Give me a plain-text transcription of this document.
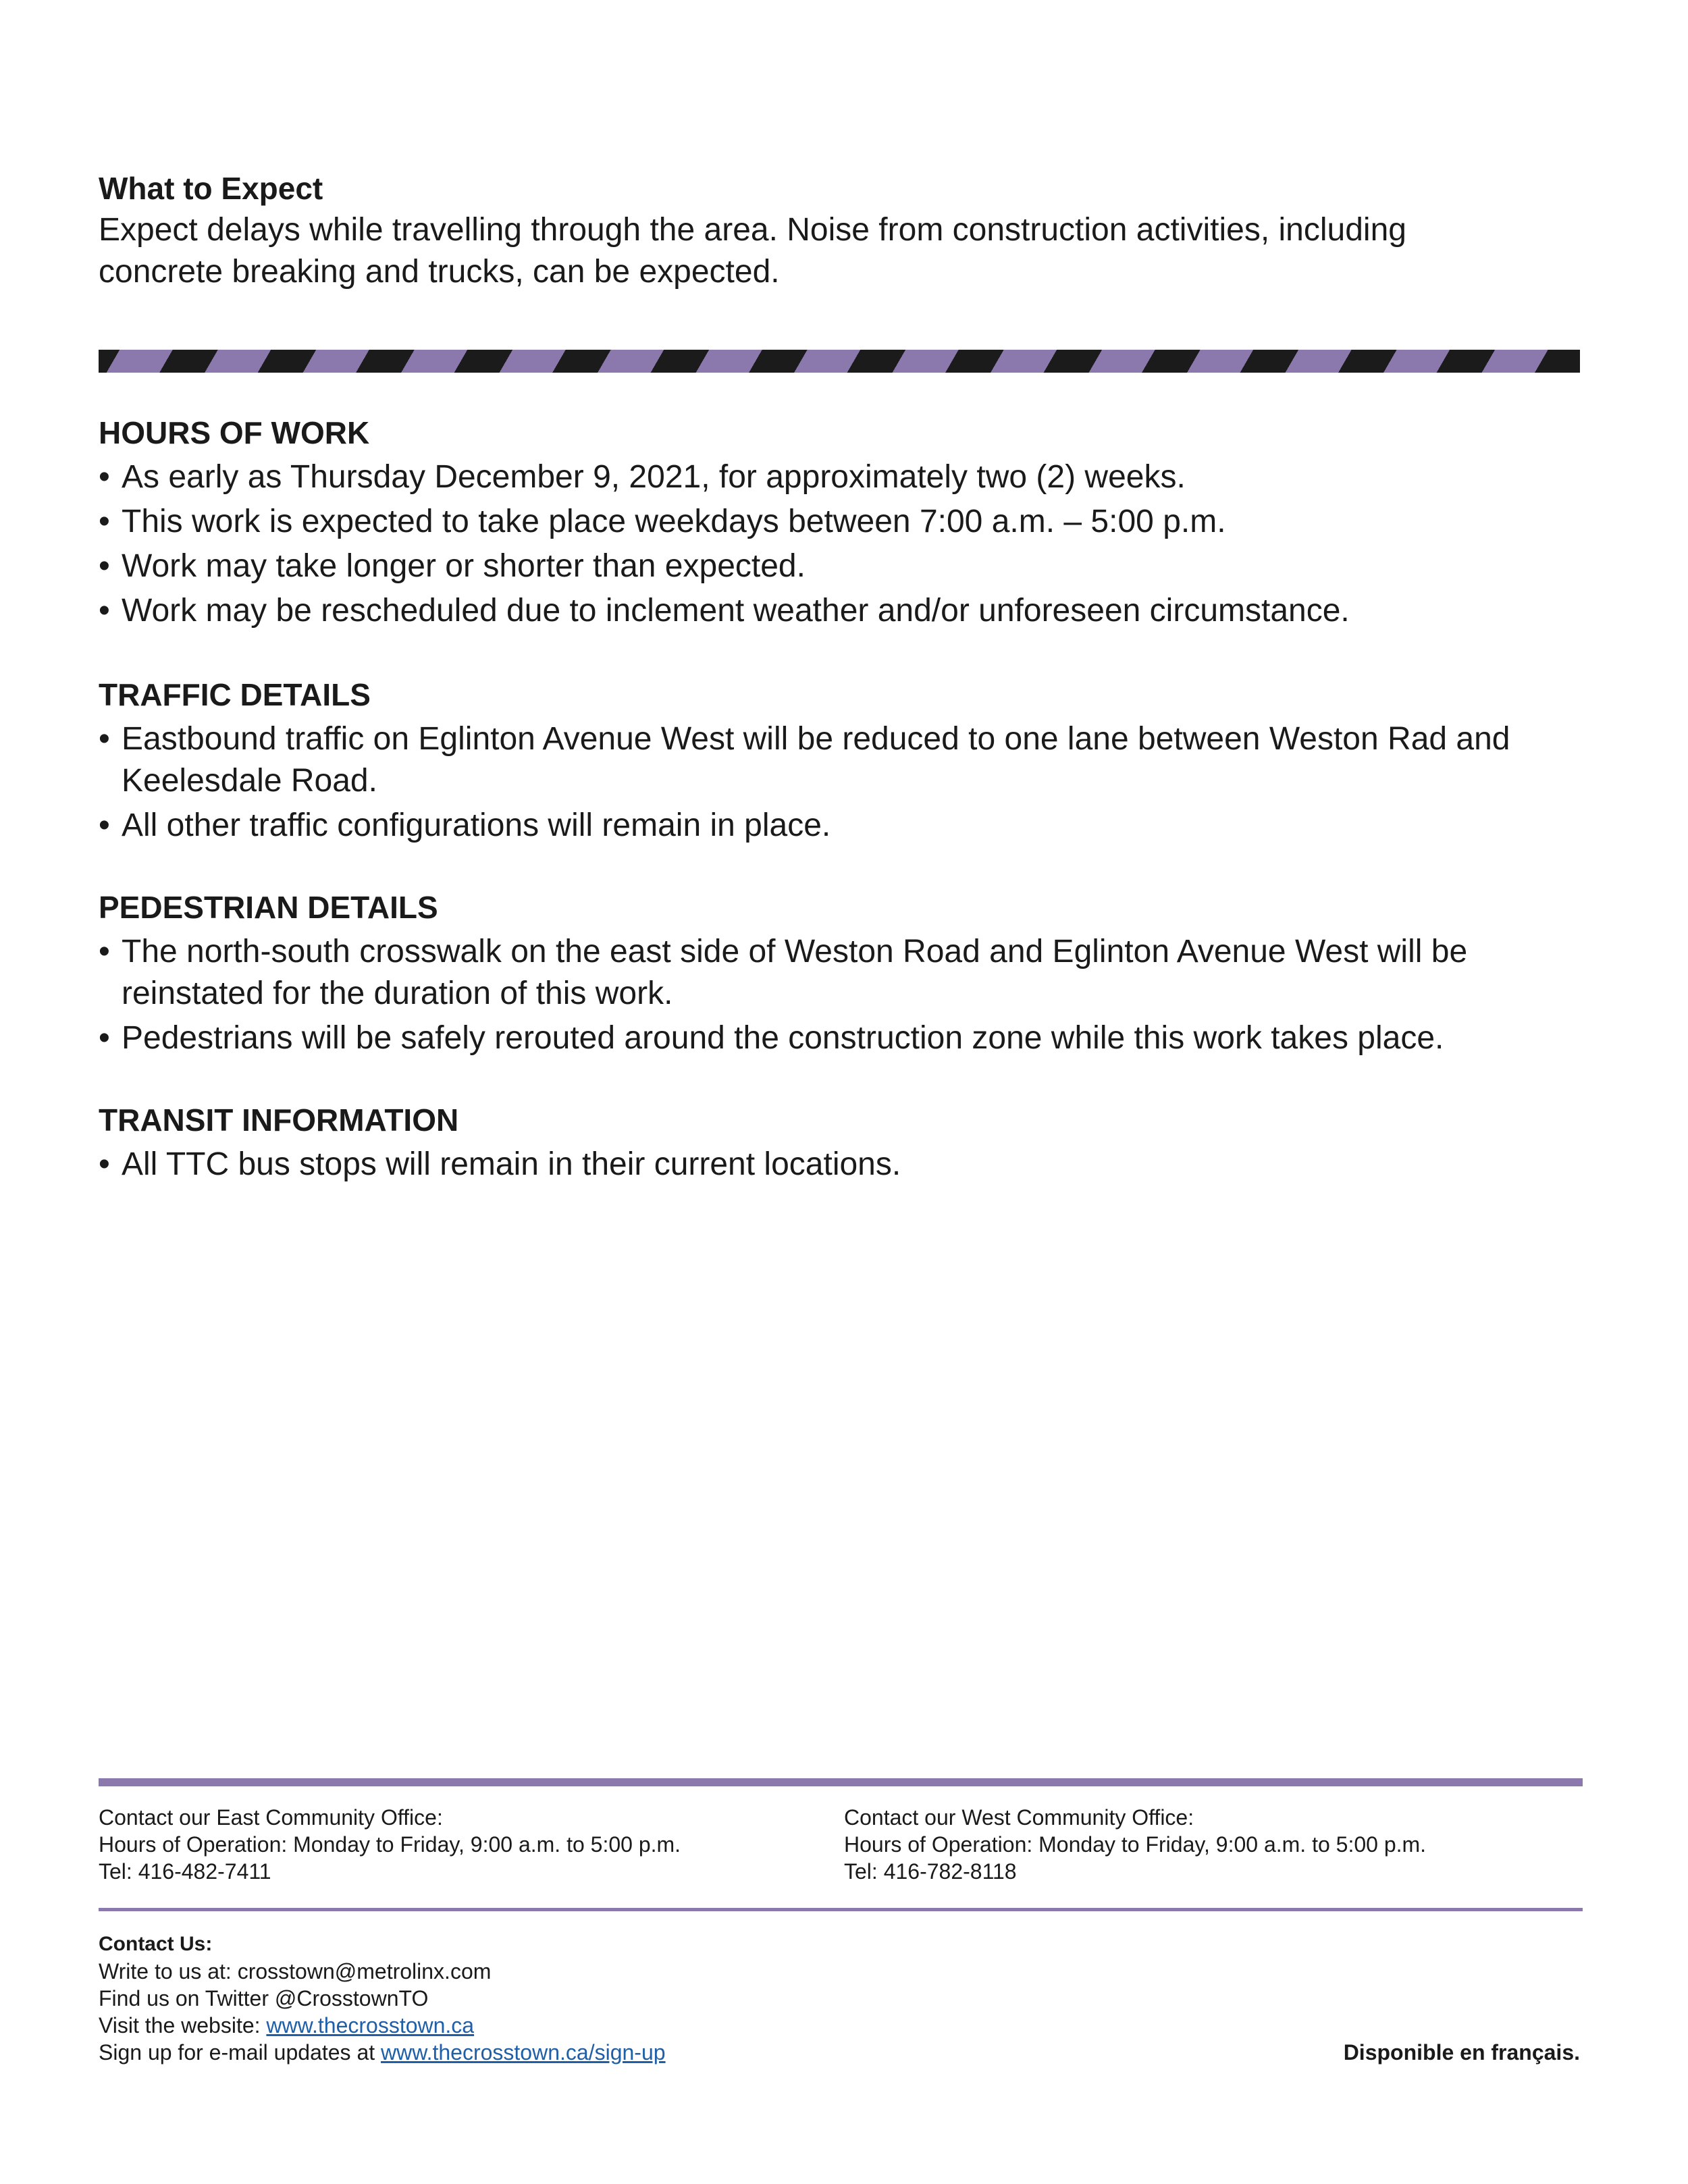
What to Expect

Expect delays while travelling through the area. Noise from construction activities, including

concrete breaking and trucks, can be expected.

HOURS OF WORK

• As early as Thursday December 9, 2021, for approximately two (2) weeks.
• This work is expected to take place weekdays between 7:00 a.m. – 5:00 p.m.
• Work may take longer or shorter than expected.
• Work may be rescheduled due to inclement weather and/or unforeseen circumstance.

TRAFFIC DETAILS

• Eastbound traffic on Eglinton Avenue West will be reduced to one lane between Weston Rad and Keelesdale Road.
• All other traffic configurations will remain in place.

PEDESTRIAN DETAILS

• The north-south crosswalk on the east side of Weston Road and Eglinton Avenue West will be reinstated for the duration of this work.
• Pedestrians will be safely rerouted around the construction zone while this work takes place.

TRANSIT INFORMATION

• All TTC bus stops will remain in their current locations.

Contact our East Community Office:

Hours of Operation: Monday to Friday, 9:00 a.m. to 5:00 p.m.

Tel: 416-482-7411

Contact our West Community Office:

Hours of Operation: Monday to Friday, 9:00 a.m. to 5:00 p.m.

Tel: 416-782-8118

Contact Us:

Write to us at: crosstown@metrolinx.com

Find us on Twitter @CrosstownTO

Visit the website: www.thecrosstown.ca

Sign up for e-mail updates at www.thecrosstown.ca/sign-up	Disponible en français.
